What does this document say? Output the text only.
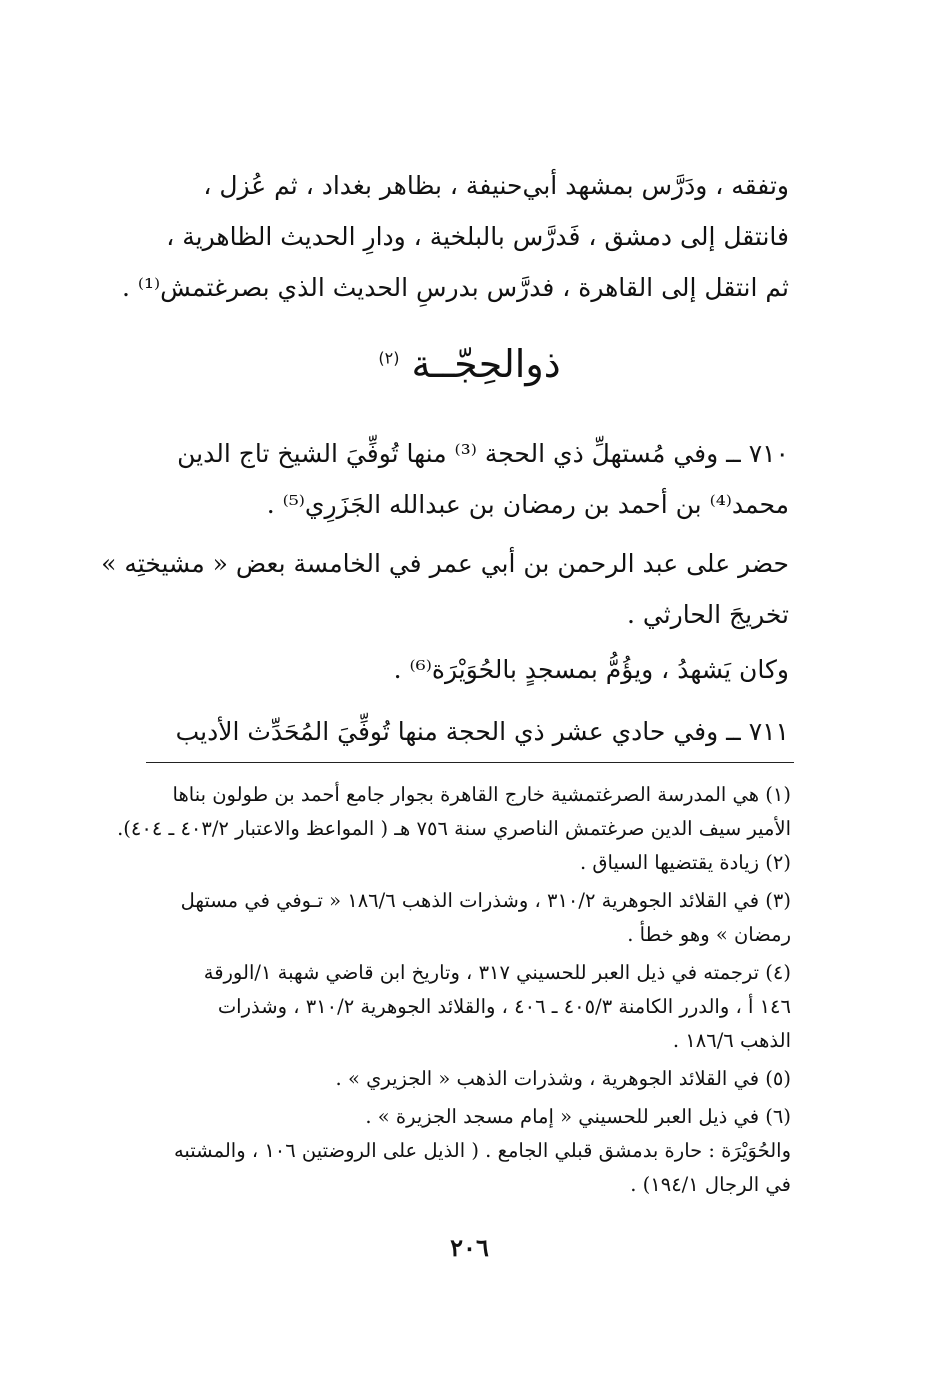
وتفقه ، ودَرَّس بمشهد أبي‌حنيفة ، بظاهر بغداد ، ثم عُزل ،
فانتقل إلى دمشق ، فَدرَّس بالبلخية ، ودارِ الحديث الظاهرية ،
ثم انتقل إلى القاهرة ، فدرَّس بدرسِ الحديث الذي بصرغتمش⁽¹⁾ .
ذوالحِجّــة $^{(٢)}$
٧١٠ ــ وفي مُستهلِّ ذي الحجة ⁽³⁾ منها تُوفِّيَ الشيخ تاج الدين
محمد⁽⁴⁾ بن أحمد بن رمضان بن عبدالله الجَزَرِي⁽⁵⁾ .
حضر على عبد الرحمن بن أبي عمر في الخامسة بعض « مشيختِه »
تخريجَ الحارثي .
وكان يَشهدُ ، ويؤُمُّ بمسجدٍ بالحُوَيْرَة⁽⁶⁾ .
٧١١ ــ وفي حادي عشر ذي الحجة منها تُوفِّيَ المُحَدِّث الأديب
(١) هي المدرسة الصرغتمشية خارج القاهرة بجوار جامع أحمد بن طولون بناها
الأمير سيف الدين صرغتمش الناصري سنة ٧٥٦ هـ ( المواعظ والاعتبار ٤٠٣/٢ ـ ٤٠٤).
(٢) زيادة يقتضيها السياق .
(٣) في القلائد الجوهرية ٣١٠/٢ ، وشذرات الذهب ١٨٦/٦ « تـوفي في مستهل
رمضان » وهو خطأ .
(٤) ترجمته في ذيل العبر للحسيني ٣١٧ ، وتاريخ ابن قاضي شهبة ١/الورقة
١٤٦ أ ، والدرر الكامنة ٤٠٥/٣ ـ ٤٠٦ ، والقلائد الجوهرية ٣١٠/٢ ، وشذرات
الذهب ١٨٦/٦ .
(٥) في القلائد الجوهرية ، وشذرات الذهب « الجزيري » .
(٦) في ذيل العبر للحسيني « إمام مسجد الجزيرة » .
والحُوَيْرَة : حارة بدمشق قبلي الجامع . ( الذيل على الروضتين ١٠٦ ، والمشتبه
في الرجال ١٩٤/١) .
٢٠٦
